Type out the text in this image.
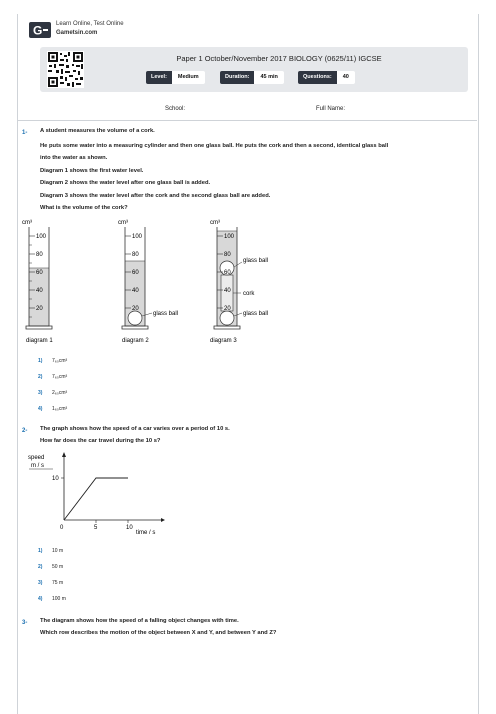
G Learn Online, Test Online
Gametsin.com
Paper 1 October/November 2017 BIOLOGY (0625/11) IGCSE
Level:	Medium	Duration:	45 min	Questions:	40
School:	Full Name:
1- A student measures the volume of a cork.
He puts some water into a measuring cylinder and then one glass ball. He puts the cork and then a second, identical glass ball
into the water as shown.
Diagram 1 shows the first water level.
Diagram 2 shows the water level after one glass ball is added.
Diagram 3 shows the water level after the cork and the second glass ball are added.
What is the volume of the cork?
cm³
100
80
60
40
20
diagram 1
cm³
100
80
60
40
20
glass ball
diagram 2
cm³
100
80
60
40
20
glass ball
cork
glass ball
diagram 3
1) 7₆₀cm³
2) 7₆₀cm³
3) 2₆₀cm³
4) 1₆₀cm³
2- The graph shows how the speed of a car varies over a period of 10 s.
How far does the car travel during the 10 s?
speed
m / s
0	5	10
10
time / s
1) 10 m
2) 50 m
3) 75 m
4) 100 m
3- The diagram shows how the speed of a falling object changes with time.
Which row describes the motion of the object between X and Y, and between Y and Z?
